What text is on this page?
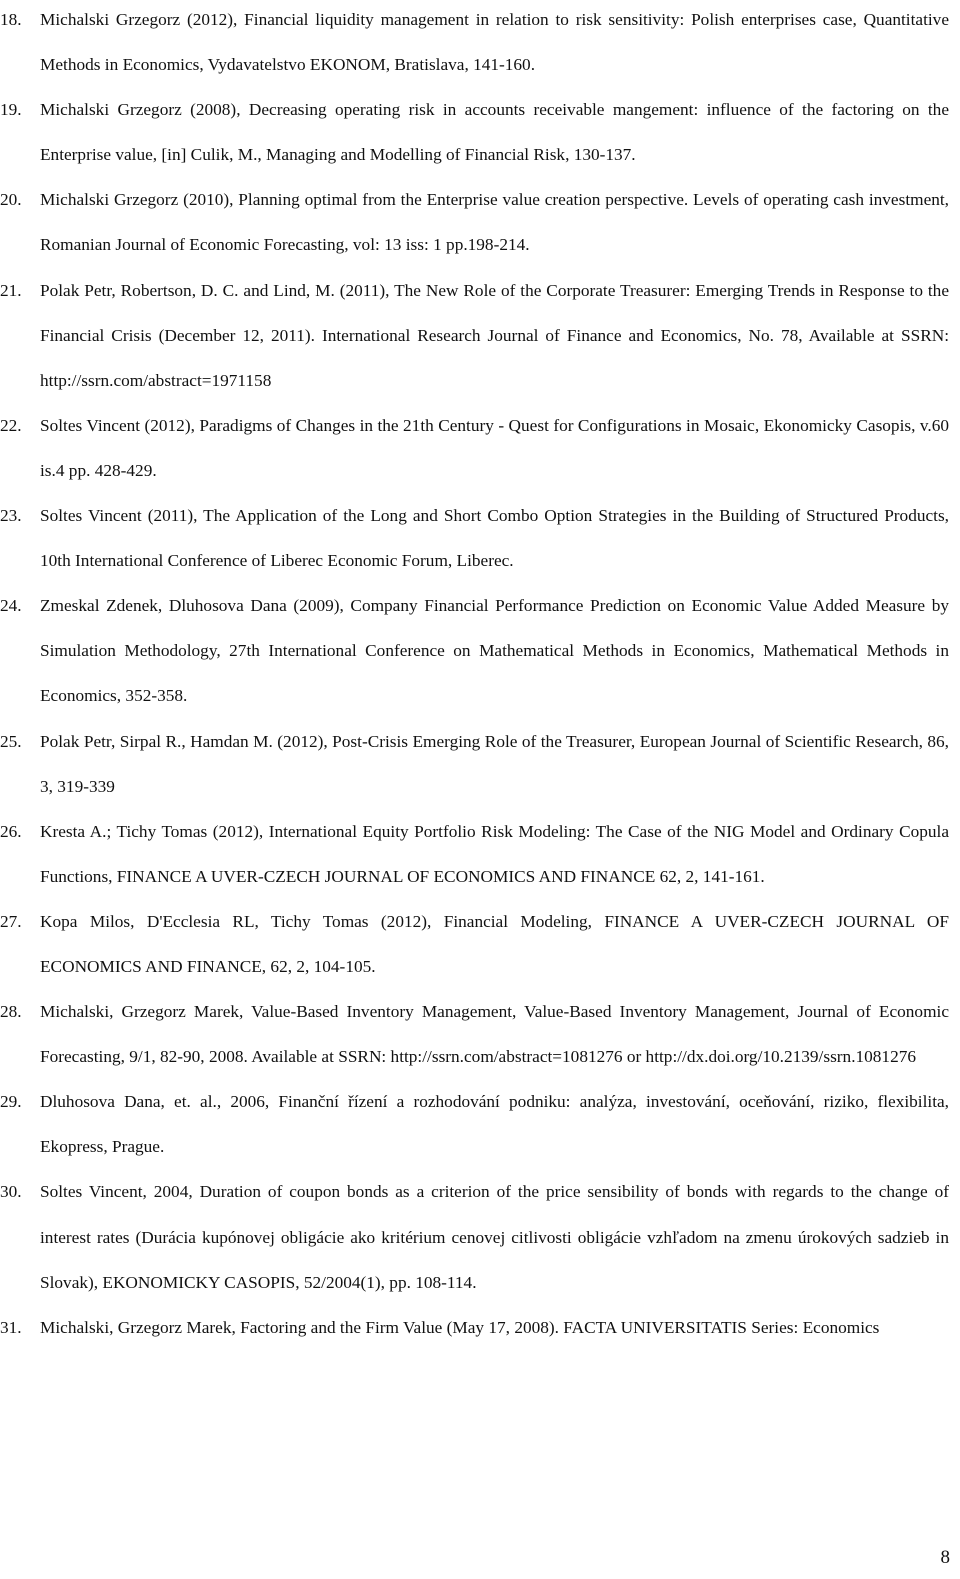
18.	Michalski Grzegorz (2012), Financial liquidity management in relation to risk sensitivity: Polish enterprises case, Quantitative Methods in Economics, Vydavatelstvo EKONOM, Bratislava, 141-160.
19.	Michalski Grzegorz (2008), Decreasing operating risk in accounts receivable mangement: influence of the factoring on the Enterprise value, [in] Culik, M., Managing and Modelling of Financial Risk, 130-137.
20.	Michalski Grzegorz (2010), Planning optimal from the Enterprise value creation perspective. Levels of operating cash investment, Romanian Journal of Economic Forecasting, vol: 13 iss: 1 pp.198-214.
21.	Polak Petr, Robertson, D. C. and Lind, M. (2011), The New Role of the Corporate Treasurer: Emerging Trends in Response to the Financial Crisis (December 12, 2011). International Research Journal of Finance and Economics, No. 78, Available at SSRN: http://ssrn.com/abstract=1971158
22.	Soltes Vincent (2012), Paradigms of Changes in the 21th Century - Quest for Configurations in Mosaic, Ekonomicky Casopis, v.60 is.4 pp. 428-429.
23.	Soltes Vincent (2011), The Application of the Long and Short Combo Option Strategies in the Building of Structured Products, 10th International Conference of Liberec Economic Forum, Liberec.
24.	Zmeskal Zdenek, Dluhosova Dana (2009), Company Financial Performance Prediction on Economic Value Added Measure by Simulation Methodology, 27th International Conference on Mathematical Methods in Economics, Mathematical Methods in Economics, 352-358.
25.	Polak Petr, Sirpal R., Hamdan M. (2012), Post-Crisis Emerging Role of the Treasurer, European Journal of Scientific Research, 86, 3, 319-339
26.	Kresta A.; Tichy Tomas (2012), International Equity Portfolio Risk Modeling: The Case of the NIG Model and Ordinary Copula Functions, FINANCE A UVER-CZECH JOURNAL OF ECONOMICS AND FINANCE 62, 2, 141-161.
27.	Kopa Milos, D'Ecclesia RL, Tichy Tomas (2012), Financial Modeling, FINANCE A UVER-CZECH JOURNAL OF ECONOMICS AND FINANCE, 62, 2, 104-105.
28.	Michalski, Grzegorz Marek, Value-Based Inventory Management, Value-Based Inventory Management, Journal of Economic Forecasting, 9/1, 82-90, 2008. Available at SSRN: http://ssrn.com/abstract=1081276 or http://dx.doi.org/10.2139/ssrn.1081276
29.	Dluhosova Dana, et. al., 2006, Finanční řízení a rozhodování podniku: analýza, investování, oceňování, riziko, flexibilita, Ekopress, Prague.
30.	Soltes Vincent, 2004, Duration of coupon bonds as a criterion of the price sensibility of bonds with regards to the change of interest rates (Durácia kupónovej obligácie ako kritérium cenovej citlivosti obligácie vzhľadom na zmenu úrokových sadzieb in Slovak), EKONOMICKY CASOPIS, 52/2004(1), pp. 108-114.
31.	Michalski, Grzegorz Marek, Factoring and the Firm Value (May 17, 2008). FACTA UNIVERSITATIS Series: Economics
8
